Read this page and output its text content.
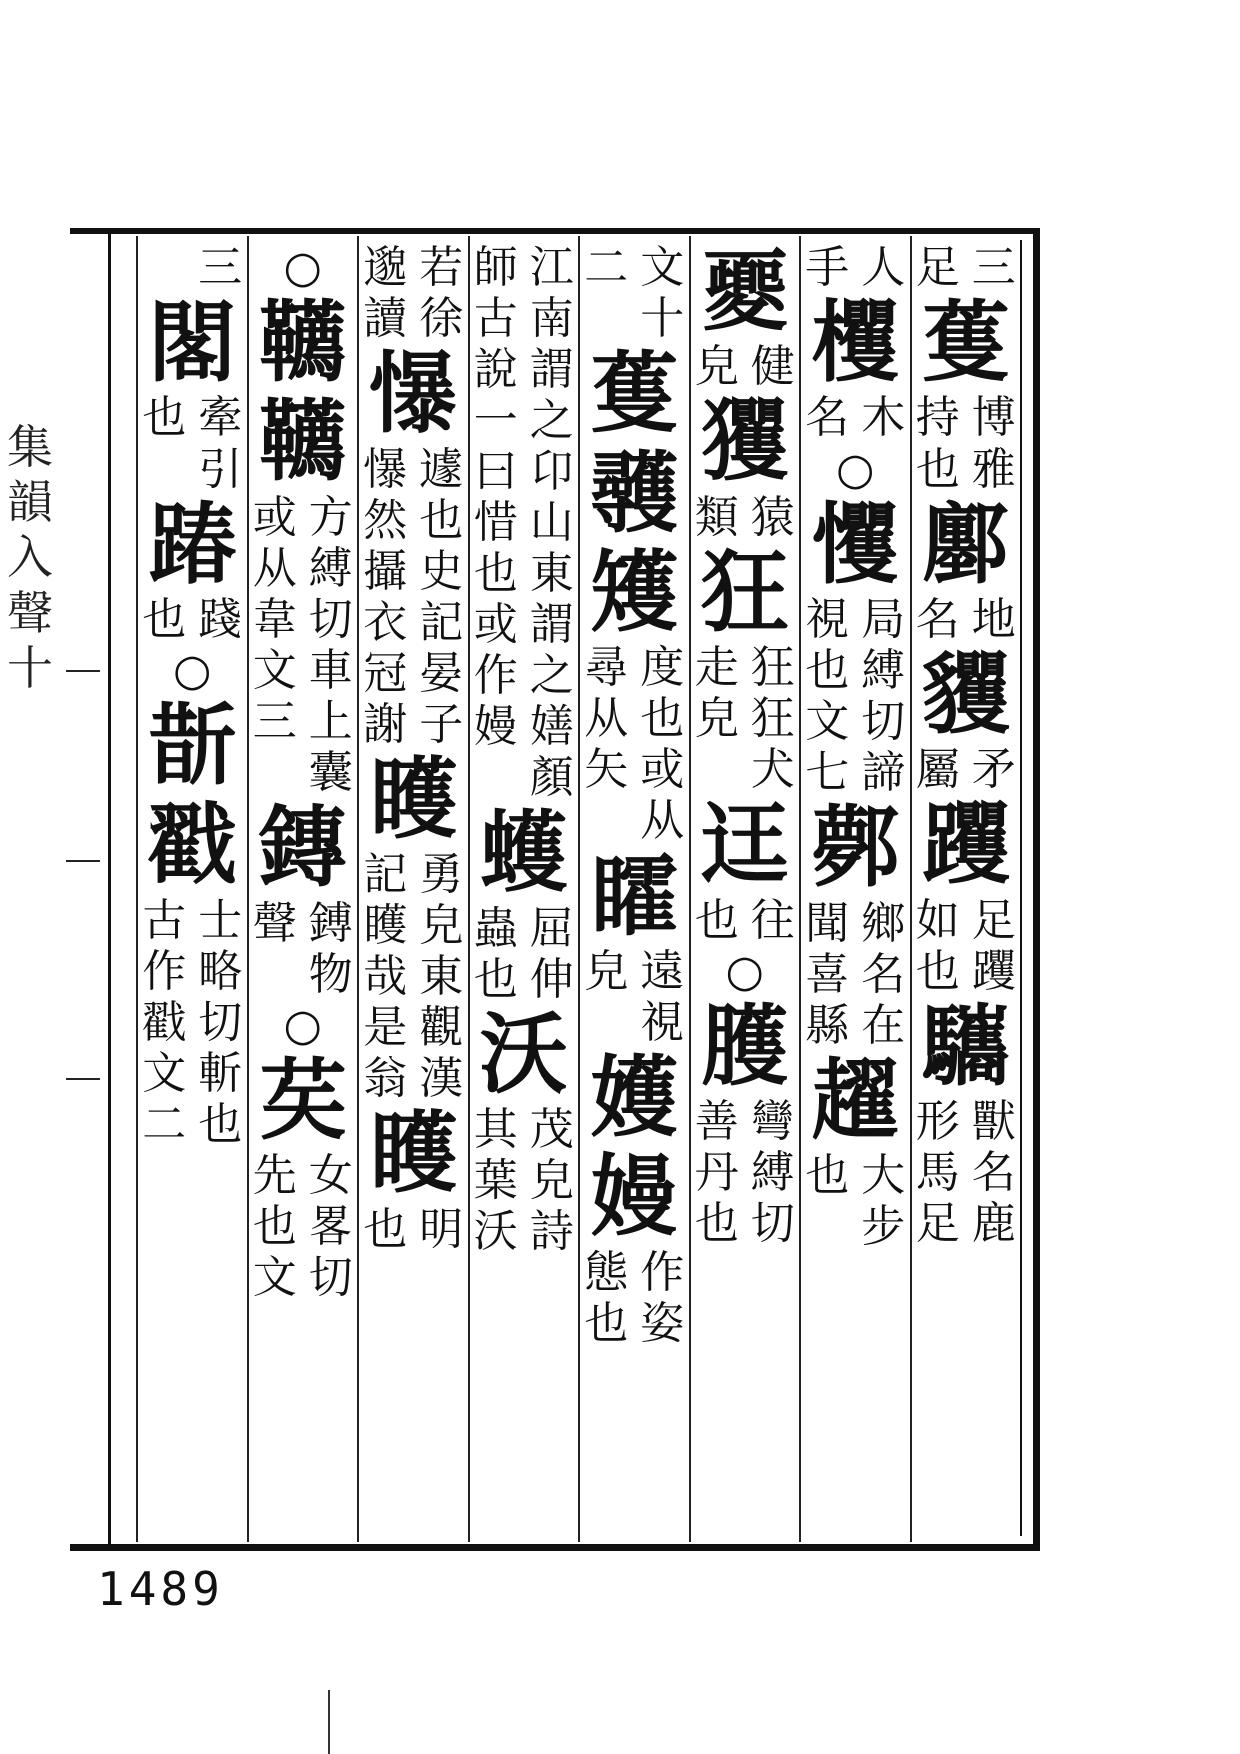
集
韻
入
聲
十
三
足
蒦
博
雅
持
也
鄽
地
名
貜
矛
屬
躩
足
躩
如
也
驨
獸
名
鹿
形
馬
足
人
手
欔
木
名
○
戄
局
縛
切
諦
視
也
文
七
鄸
鄉
名
在
聞
喜
縣
趯
大
步
也
夒
健
皃
玃
猿
類
狂
狂
狂
犬
走
皃
迋
往
也
○
臒
彎
縛
切
善
丹
也
文
十
二
蒦
彠
矱
度
也
或
从
尋
从
矢
矐
遠
視
皃
嬳
嫚
作
姿
態
也
江
南
謂
之
卬
山
東
謂
之
嫸
顏
師
古
說
一
曰
惜
也
或
作
嫚
蠖
屈
伸
蟲
也
沃
茂
皃
詩
其
葉
沃
若
徐
邈
讀
懪
遽
也
史
記
晏
子
懪
然
攝
衣
冠
謝
矆
勇
皃
東
觀
漢
記
矆
哉
是
翁
矆
明
也
○
韉
韉
方
縛
切
車
上
囊
或
从
韋
文
三
鏄
鎛
聲
物
○
䒨
女
畧
切
先
也
文
三
閣
牽
引
也
踳
踐
也
○
斮
戳
士
略
切
斬
也
古
作
戳
文
二
1489
